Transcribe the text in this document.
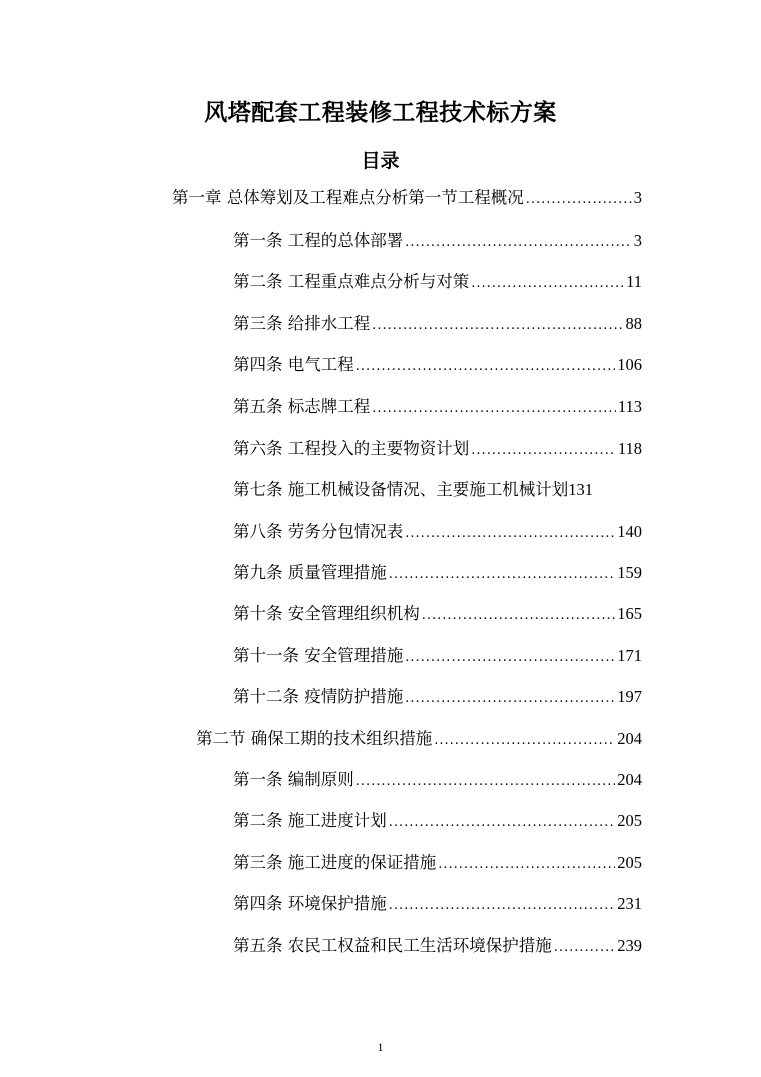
风塔配套工程装修工程技术标方案
目录
第一章 总体筹划及工程难点分析第一节工程概况 .....	3
第一条 工程的总体部署 .....	3
第二条 工程重点难点分析与对策 .....	11
第三条 给排水工程 .....	88
第四条 电气工程 .....	106
第五条 标志牌工程 .....	113
第六条 工程投入的主要物资计划 .....	118
第七条 施工机械设备情况、主要施工机械计划 131
第八条 劳务分包情况表 .....	140
第九条 质量管理措施 .....	159
第十条 安全管理组织机构 .....	165
第十一条 安全管理措施 .....	171
第十二条 疫情防护措施 .....	197
第二节 确保工期的技术组织措施 .....	204
第一条 编制原则 .....	204
第二条 施工进度计划 .....	205
第三条 施工进度的保证措施 .....	205
第四条 环境保护措施 .....	231
第五条 农民工权益和民工生活环境保护措施 .....	239
1
